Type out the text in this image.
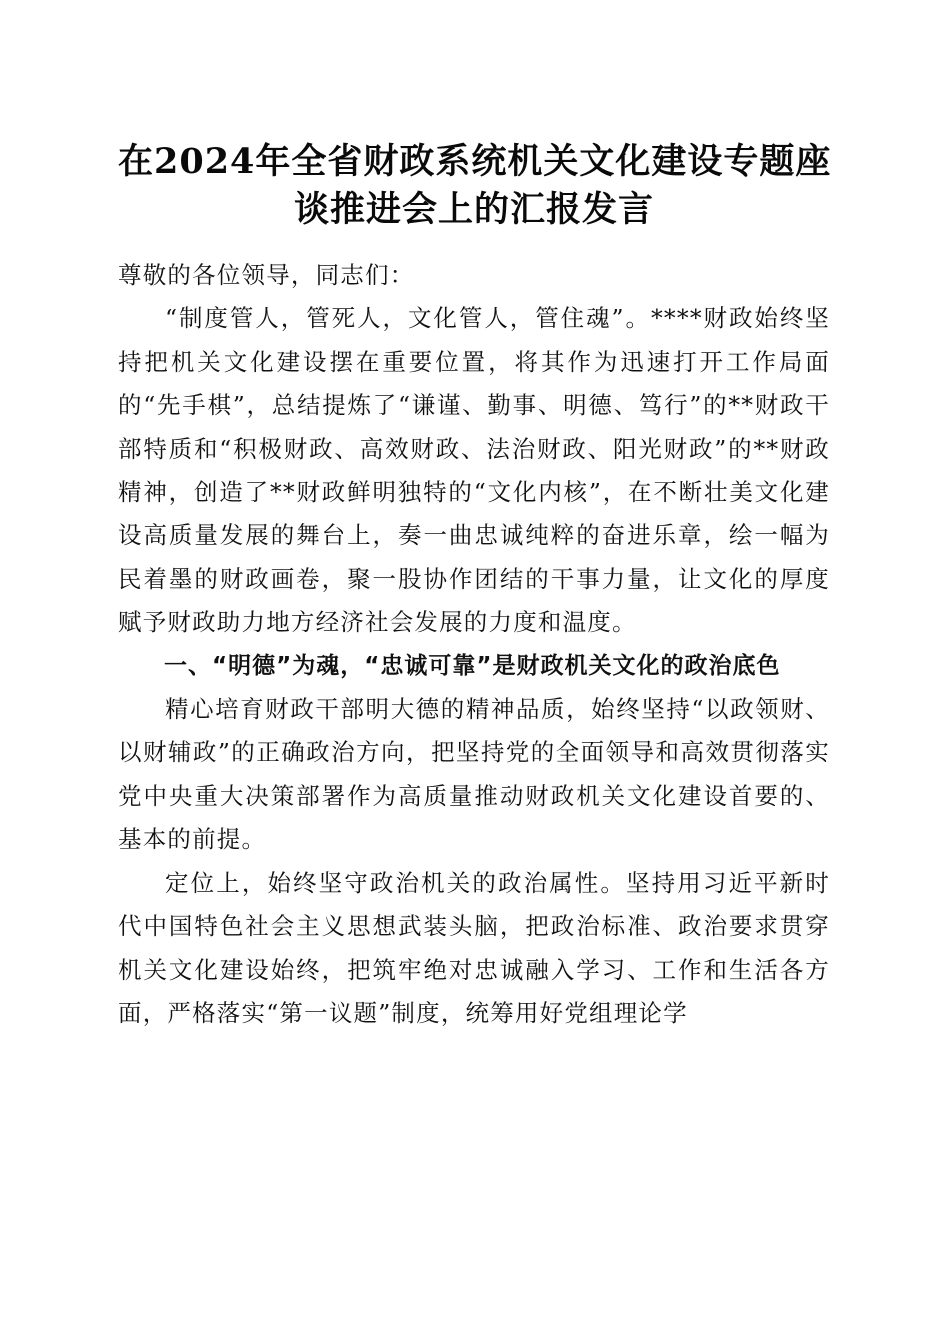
在2024年全省财政系统机关文化建设专题座
谈推进会上的汇报发言

尊敬的各位领导，同志们：

“制度管人，管死人，文化管人，管住魂”。****财政始终坚持把机关文化建设摆在重要位置，将其作为迅速打开工作局面的“先手棋”，总结提炼了“谦谨、勤事、明德、笃行”的**财政干部特质和“积极财政、高效财政、法治财政、阳光财政”的**财政精神，创造了**财政鲜明独特的“文化内核”，在不断壮美文化建设高质量发展的舞台上，奏一曲忠诚纯粹的奋进乐章，绘一幅为民着墨的财政画卷，聚一股协作团结的干事力量，让文化的厚度赋予财政助力地方经济社会发展的力度和温度。

一、“明德”为魂，“忠诚可靠”是财政机关文化的政治底色

精心培育财政干部明大德的精神品质，始终坚持“以政领财、以财辅政”的正确政治方向，把坚持党的全面领导和高效贯彻落实党中央重大决策部署作为高质量推动财政机关文化建设首要的、基本的前提。

定位上，始终坚守政治机关的政治属性。坚持用习近平新时代中国特色社会主义思想武装头脑，把政治标准、政治要求贯穿机关文化建设始终，把筑牢绝对忠诚融入学习、工作和生活各方面，严格落实“第一议题”制度，统筹用好党组理论学
